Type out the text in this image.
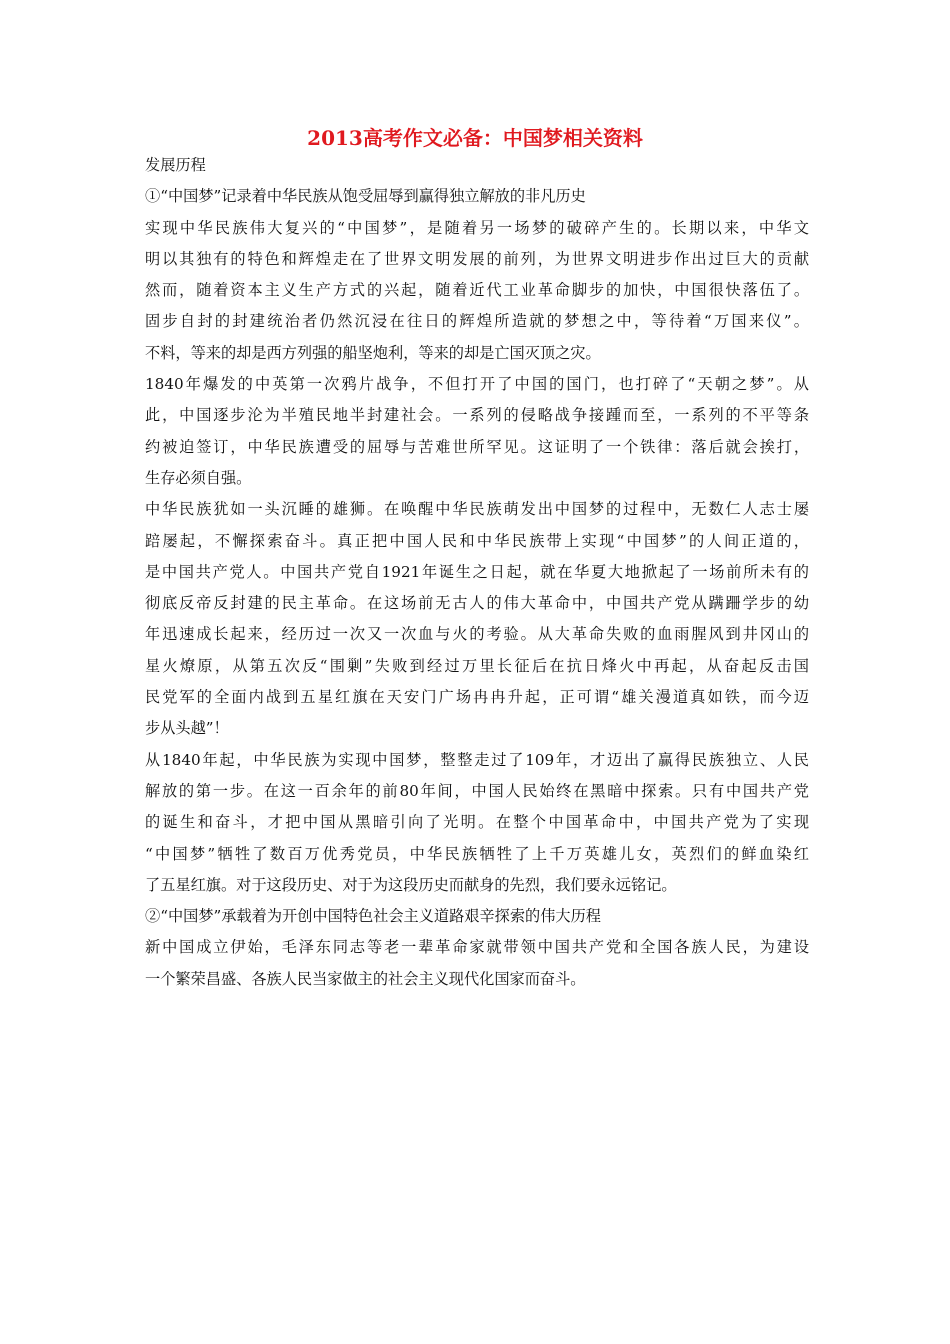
2013高考作文必备：中国梦相关资料
发展历程
①“中国梦”记录着中华民族从饱受屈辱到赢得独立解放的非凡历史
实现中华民族伟大复兴的“中国梦”，是随着另一场梦的破碎产生的。长期以来，中华文
明以其独有的特色和辉煌走在了世界文明发展的前列，为世界文明进步作出过巨大的贡献
然而，随着资本主义生产方式的兴起，随着近代工业革命脚步的加快，中国很快落伍了。
固步自封的封建统治者仍然沉浸在往日的辉煌所造就的梦想之中，等待着“万国来仪”。
不料，等来的却是西方列强的船坚炮利，等来的却是亡国灭顶之灾。
1840年爆发的中英第一次鸦片战争，不但打开了中国的国门，也打碎了“天朝之梦”。从
此，中国逐步沦为半殖民地半封建社会。一系列的侵略战争接踵而至，一系列的不平等条
约被迫签订，中华民族遭受的屈辱与苦难世所罕见。这证明了一个铁律：落后就会挨打，
生存必须自强。
中华民族犹如一头沉睡的雄狮。在唤醒中华民族萌发出中国梦的过程中，无数仁人志士屡
踣屡起，不懈探索奋斗。真正把中国人民和中华民族带上实现“中国梦”的人间正道的，
是中国共产党人。中国共产党自1921年诞生之日起，就在华夏大地掀起了一场前所未有的
彻底反帝反封建的民主革命。在这场前无古人的伟大革命中，中国共产党从蹒跚学步的幼
年迅速成长起来，经历过一次又一次血与火的考验。从大革命失败的血雨腥风到井冈山的
星火燎原，从第五次反“围剿”失败到经过万里长征后在抗日烽火中再起，从奋起反击国
民党军的全面内战到五星红旗在天安门广场冉冉升起，正可谓“雄关漫道真如铁，而今迈
步从头越”！
从1840年起，中华民族为实现中国梦，整整走过了109年，才迈出了赢得民族独立、人民
解放的第一步。在这一百余年的前80年间，中国人民始终在黑暗中探索。只有中国共产党
的诞生和奋斗，才把中国从黑暗引向了光明。在整个中国革命中，中国共产党为了实现
“中国梦”牺牲了数百万优秀党员，中华民族牺牲了上千万英雄儿女，英烈们的鲜血染红
了五星红旗。对于这段历史、对于为这段历史而献身的先烈，我们要永远铭记。
②“中国梦”承载着为开创中国特色社会主义道路艰辛探索的伟大历程
新中国成立伊始，毛泽东同志等老一辈革命家就带领中国共产党和全国各族人民，为建设
一个繁荣昌盛、各族人民当家做主的社会主义现代化国家而奋斗。
